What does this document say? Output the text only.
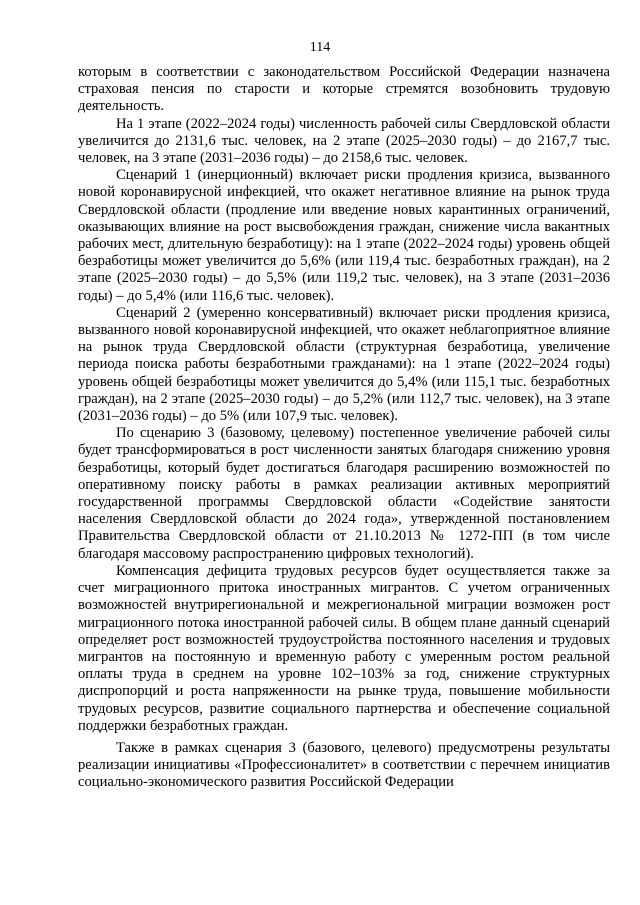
114

которым в соответствии с законодательством Российской Федерации назначена страховая пенсия по старости и которые стремятся возобновить трудовую деятельность.

На 1 этапе (2022–2024 годы) численность рабочей силы Свердловской области увеличится до 2131,6 тыс. человек, на 2 этапе (2025–2030 годы) – до 2167,7 тыс. человек, на 3 этапе (2031–2036 годы) – до 2158,6 тыс. человек.

Сценарий 1 (инерционный) включает риски продления кризиса, вызванного новой коронавирусной инфекцией, что окажет негативное влияние на рынок труда Свердловской области (продление или введение новых карантинных ограничений, оказывающих влияние на рост высвобождения граждан, снижение числа вакантных рабочих мест, длительную безработицу): на 1 этапе (2022–2024 годы) уровень общей безработицы может увеличится до 5,6% (или 119,4 тыс. безработных граждан), на 2 этапе (2025–2030 годы) – до 5,5% (или 119,2 тыс. человек), на 3 этапе (2031–2036 годы) – до 5,4% (или 116,6 тыс. человек).

Сценарий 2 (умеренно консервативный) включает риски продления кризиса, вызванного новой коронавирусной инфекцией, что окажет неблагоприятное влияние на рынок труда Свердловской области (структурная безработица, увеличение периода поиска работы безработными гражданами): на 1 этапе (2022–2024 годы) уровень общей безработицы может увеличится до 5,4% (или 115,1 тыс. безработных граждан), на 2 этапе (2025–2030 годы) – до 5,2% (или 112,7 тыс. человек), на 3 этапе (2031–2036 годы) – до 5% (или 107,9 тыс. человек).

По сценарию 3 (базовому, целевому) постепенное увеличение рабочей силы будет трансформироваться в рост численности занятых благодаря снижению уровня безработицы, который будет достигаться благодаря расширению возможностей по оперативному поиску работы в рамках реализации активных мероприятий государственной программы Свердловской области «Содействие занятости населения Свердловской области до 2024 года», утвержденной постановлением Правительства Свердловской области от 21.10.2013 № 1272-ПП (в том числе благодаря массовому распространению цифровых технологий).

Компенсация дефицита трудовых ресурсов будет осуществляется также за счет миграционного притока иностранных мигрантов. С учетом ограниченных возможностей внутрирегиональной и межрегиональной миграции возможен рост миграционного потока иностранной рабочей силы. В общем плане данный сценарий определяет рост возможностей трудоустройства постоянного населения и трудовых мигрантов на постоянную и временную работу с умеренным ростом реальной оплаты труда в среднем на уровне 102–103% за год, снижение структурных диспропорций и роста напряженности на рынке труда, повышение мобильности трудовых ресурсов, развитие социального партнерства и обеспечение социальной поддержки безработных граждан.

Также в рамках сценария 3 (базового, целевого) предусмотрены результаты реализации инициативы «Профессионалитет» в соответствии с перечнем инициатив социально-экономического развития Российской Федерации
